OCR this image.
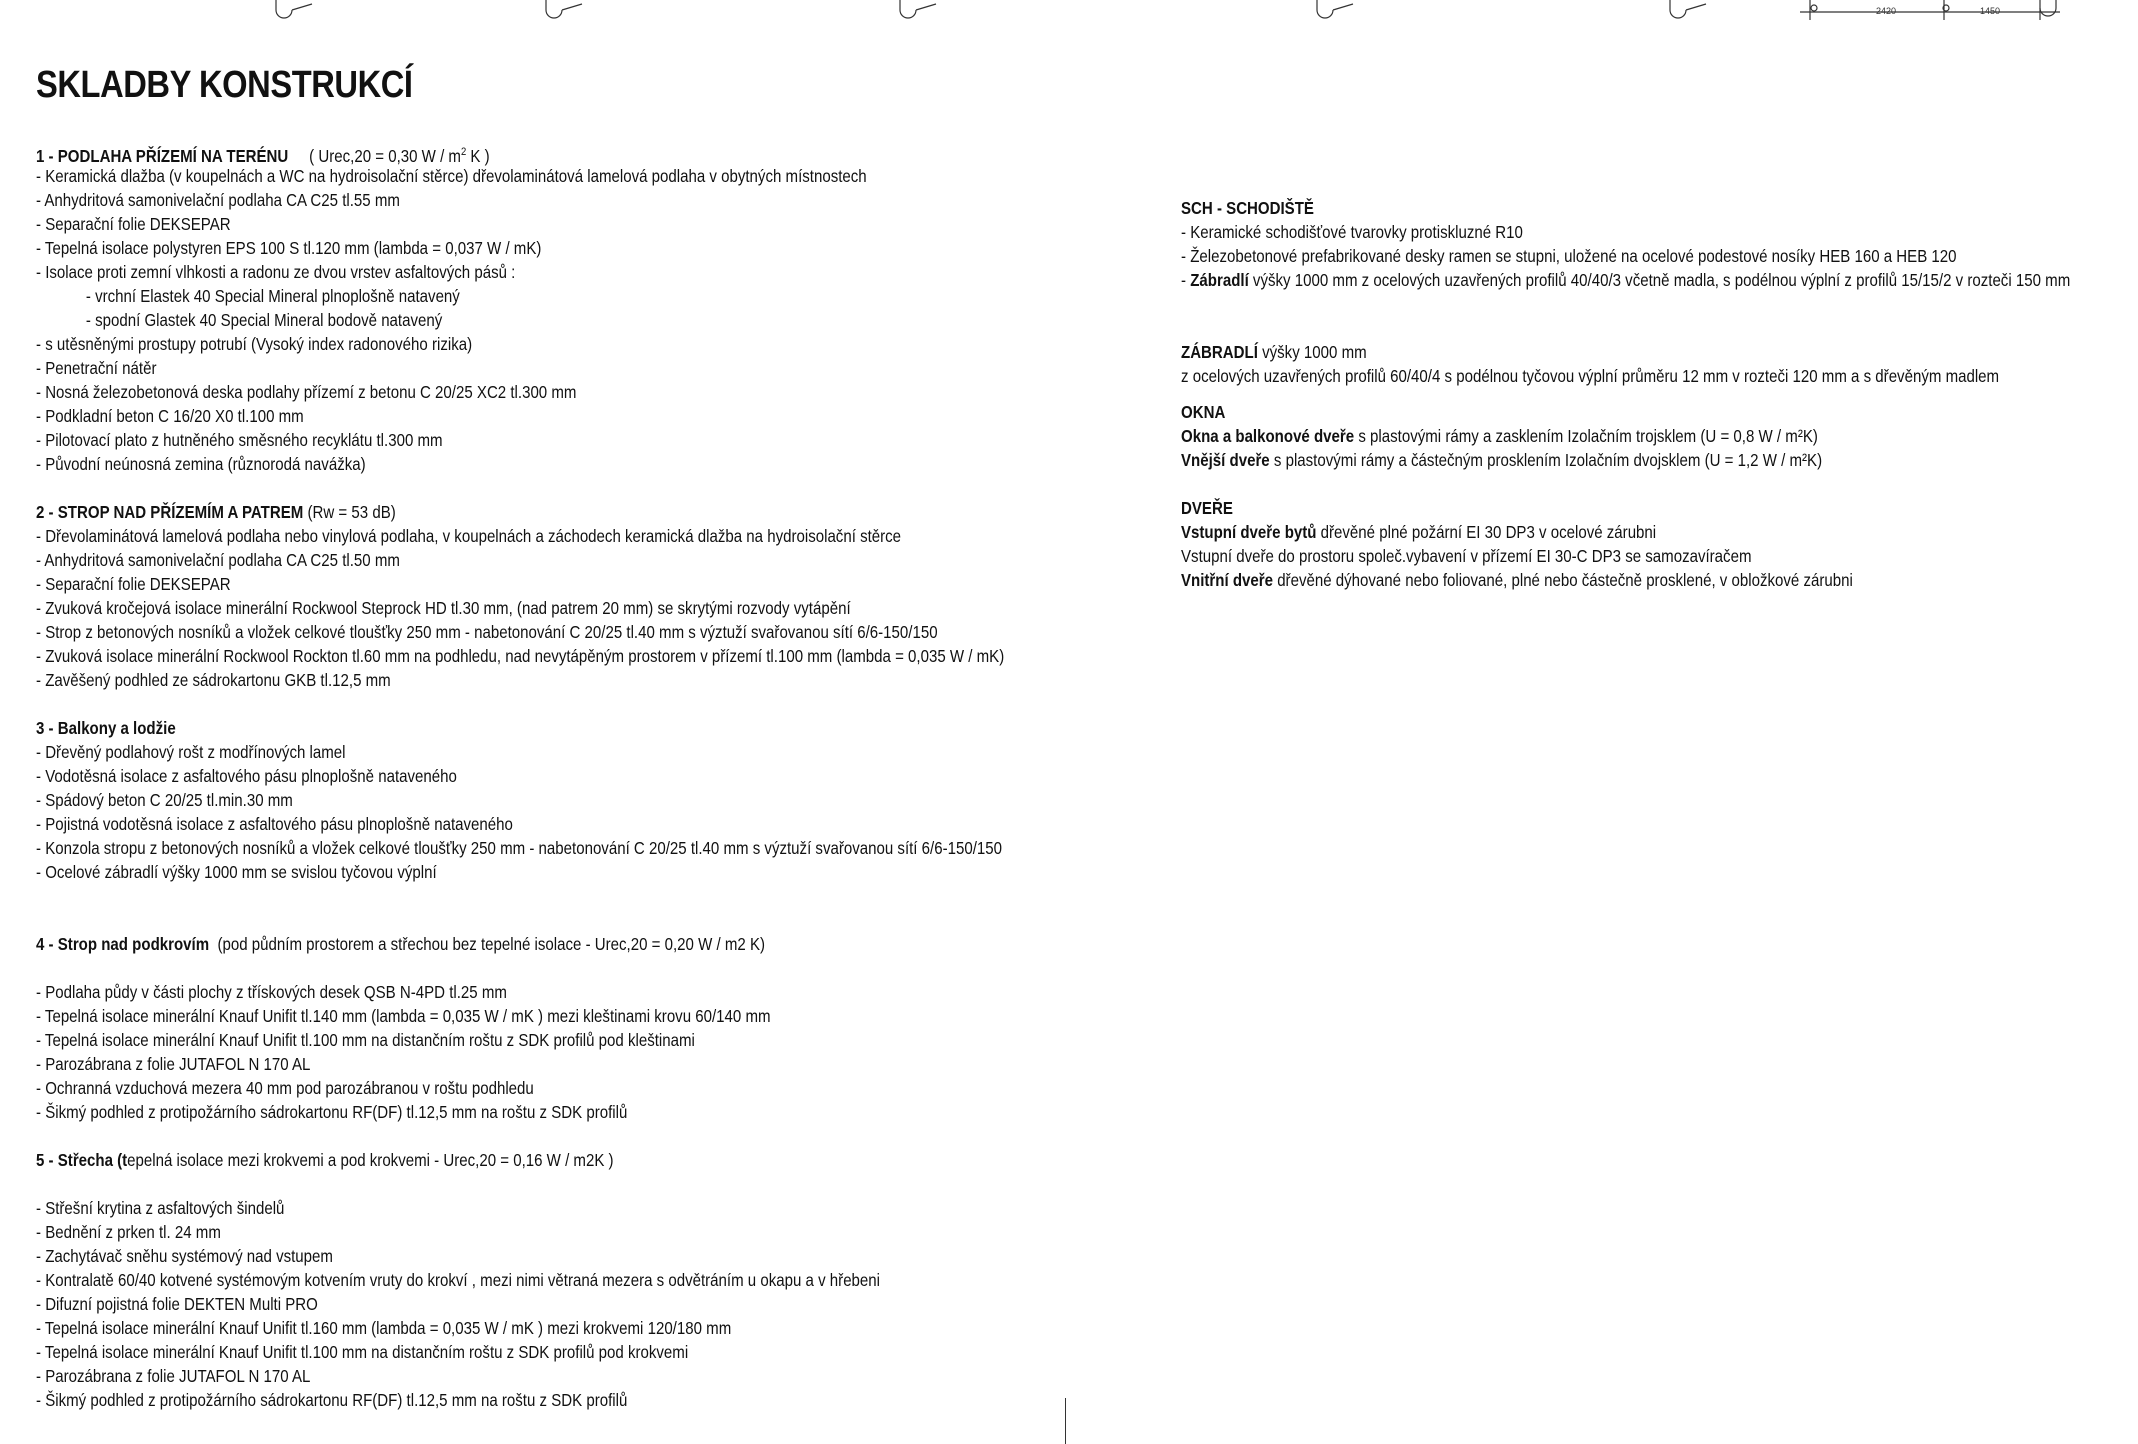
2420	1450
SKLADBY KONSTRUKCÍ
1 - PODLAHA PŘÍZEMÍ NA TERÉNU ( Urec,20 = 0,30 W / $m^2$ K )
- Keramická dlažba (v koupelnách a WC na hydroisolační stěrce) dřevolaminátová lamelová podlaha v obytných místnostech
- Anhydritová samonivelační podlaha CA C25 tl.55 mm
- Separační folie DEKSEPAR
- Tepelná isolace polystyren EPS 100 S tl.120 mm (lambda = 0,037 W / mK)
- Isolace proti zemní vlhkosti a radonu ze dvou vrstev asfaltových pásů :
- vrchní Elastek 40 Special Mineral plnoplošně natavený
- spodní Glastek 40 Special Mineral bodově natavený
- s utěsněnými prostupy potrubí (Vysoký index radonového rizika)
- Penetrační nátěr
- Nosná železobetonová deska podlahy přízemí z betonu C 20/25 XC2 tl.300 mm
- Podkladní beton C 16/20 X0 tl.100 mm
- Pilotovací plato z hutněného směsného recyklátu tl.300 mm
- Původní neúnosná zemina (různorodá navážka)
2 - STROP NAD PŘÍZEMÍM A PATREM (Rw = 53 dB)
- Dřevolaminátová lamelová podlaha nebo vinylová podlaha, v koupelnách a záchodech keramická dlažba na hydroisolační stěrce
- Anhydritová samonivelační podlaha CA C25 tl.50 mm
- Separační folie DEKSEPAR
- Zvuková kročejová isolace minerální Rockwool Steprock HD tl.30 mm, (nad patrem 20 mm) se skrytými rozvody vytápění
- Strop z betonových nosníků a vložek celkové tloušťky 250 mm - nabetonování C 20/25 tl.40 mm s výztuží svařovanou sítí 6/6-150/150
- Zvuková isolace minerální Rockwool Rockton tl.60 mm na podhledu, nad nevytápěným prostorem v přízemí tl.100 mm (lambda = 0,035 W / mK)
- Zavěšený podhled ze sádrokartonu GKB tl.12,5 mm
3 - Balkony a lodžie
- Dřevěný podlahový rošt z modřínových lamel
- Vodotěsná isolace z asfaltového pásu plnoplošně nataveného
- Spádový beton C 20/25 tl.min.30 mm
- Pojistná vodotěsná isolace z asfaltového pásu plnoplošně nataveného
- Konzola stropu z betonových nosníků a vložek celkové tloušťky 250 mm - nabetonování C 20/25 tl.40 mm s výztuží svařovanou sítí 6/6-150/150
- Ocelové zábradlí výšky 1000 mm se svislou tyčovou výplní
4 - Strop nad podkrovím (pod půdním prostorem a střechou bez tepelné isolace - Urec,20 = 0,20 W / m2 K)
- Podlaha půdy v části plochy z třískových desek QSB N-4PD tl.25 mm
- Tepelná isolace minerální Knauf Unifit tl.140 mm (lambda = 0,035 W / mK ) mezi kleštinami krovu 60/140 mm
- Tepelná isolace minerální Knauf Unifit tl.100 mm na distančním roštu z SDK profilů pod kleštinami
- Parozábrana z folie JUTAFOL N 170 AL
- Ochranná vzduchová mezera 40 mm pod parozábranou v roštu podhledu
- Šikmý podhled z protipožárního sádrokartonu RF(DF) tl.12,5 mm na roštu z SDK profilů
5 - Střecha (tepelná isolace mezi krokvemi a pod krokvemi - Urec,20 = 0,16 W / m2K )
- Střešní krytina z asfaltových šindelů
- Bednění z prken tl. 24 mm
- Zachytávač sněhu systémový nad vstupem
- Kontralatě 60/40 kotvené systémovým kotvením vruty do krokví , mezi nimi větraná mezera s odvětráním u okapu a v hřebeni
- Difuzní pojistná folie DEKTEN Multi PRO
- Tepelná isolace minerální Knauf Unifit tl.160 mm (lambda = 0,035 W / mK ) mezi krokvemi 120/180 mm
- Tepelná isolace minerální Knauf Unifit tl.100 mm na distančním roštu z SDK profilů pod krokvemi
- Parozábrana z folie JUTAFOL N 170 AL
- Šikmý podhled z protipožárního sádrokartonu RF(DF) tl.12,5 mm na roštu z SDK profilů
SCH - SCHODIŠTĚ
- Keramické schodišťové tvarovky protiskluzné R10
- Železobetonové prefabrikované desky ramen se stupni, uložené na ocelové podestové nosíky HEB 160 a HEB 120
- Zábradlí výšky 1000 mm z ocelových uzavřených profilů 40/40/3 včetně madla, s podélnou výplní z profilů 15/15/2 v rozteči 150 mm
ZÁBRADLÍ výšky 1000 mm
z ocelových uzavřených profilů 60/40/4 s podélnou tyčovou výplní průměru 12 mm v rozteči 120 mm a s dřevěným madlem
OKNA
Okna a balkonové dveře s plastovými rámy a zasklením Izolačním trojsklem (U = 0,8 W / m²K)
Vnější dveře s plastovými rámy a částečným prosklením Izolačním dvojsklem (U = 1,2 W / m²K)
DVEŘE
Vstupní dveře bytů dřevěné plné požární EI 30 DP3 v ocelové zárubni
Vstupní dveře do prostoru společ.vybavení v přízemí EI 30-C DP3 se samozavíračem
Vnitřní dveře dřevěné dýhované nebo foliované, plné nebo částečně prosklené, v obložkové zárubni
